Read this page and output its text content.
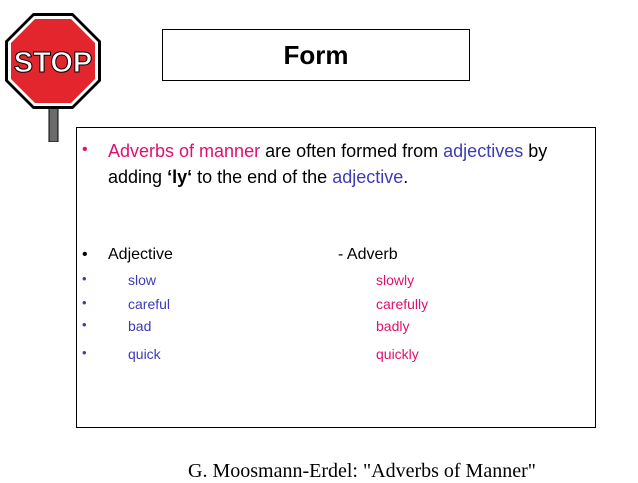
STOP	Form
• Adverbs of manner are often formed from adjectives by adding ‘ly‘ to the end of the adjective.
• Adjective	- Adverb
•	slow	slowly
•	careful	carefully
•	bad	badly
•	quick	quickly
G. Moosmann-Erdel: "Adverbs of Manner"
